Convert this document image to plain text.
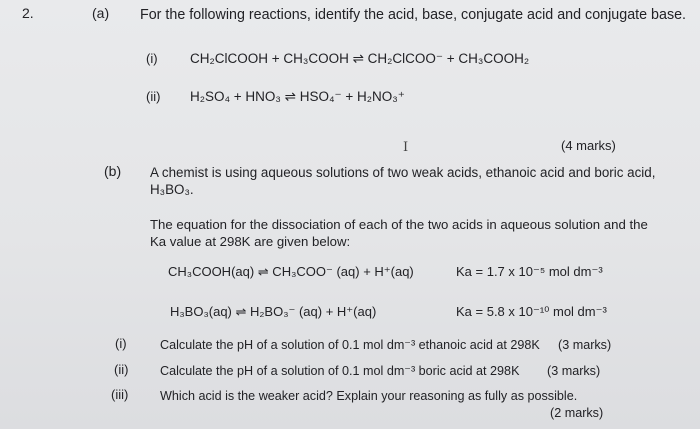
2.	(a) For the following reactions, identify the acid, base, conjugate acid and conjugate base.
(i) CH₂ClCOOH + CH₃COOH ⇌ CH₂ClCOO⁻ + CH₃COOH₂
(ii) H₂SO₄ + HNO₃ ⇌ HSO₄⁻ + H₂NO₃⁺
I	(4 marks)
(b) A chemist is using aqueous solutions of two weak acids, ethanoic acid and boric acid,
H₃BO₃.
The equation for the dissociation of each of the two acids in aqueous solution and the
Ka value at 298K are given below:
CH₃COOH(aq) ⇌ CH₃COO⁻ (aq) + H⁺(aq)	Ka = 1.7 x 10⁻⁵ mol dm⁻³
H₃BO₃(aq) ⇌ H₂BO₃⁻ (aq) + H⁺(aq)	Ka = 5.8 x 10⁻¹⁰ mol dm⁻³
(i)	Calculate the pH of a solution of 0.1 mol dm⁻³ ethanoic acid at 298K (3 marks)
(ii)	Calculate the pH of a solution of 0.1 mol dm⁻³ boric acid at 298K (3 marks)
(iii)	Which acid is the weaker acid? Explain your reasoning as fully as possible.
(2 marks)
